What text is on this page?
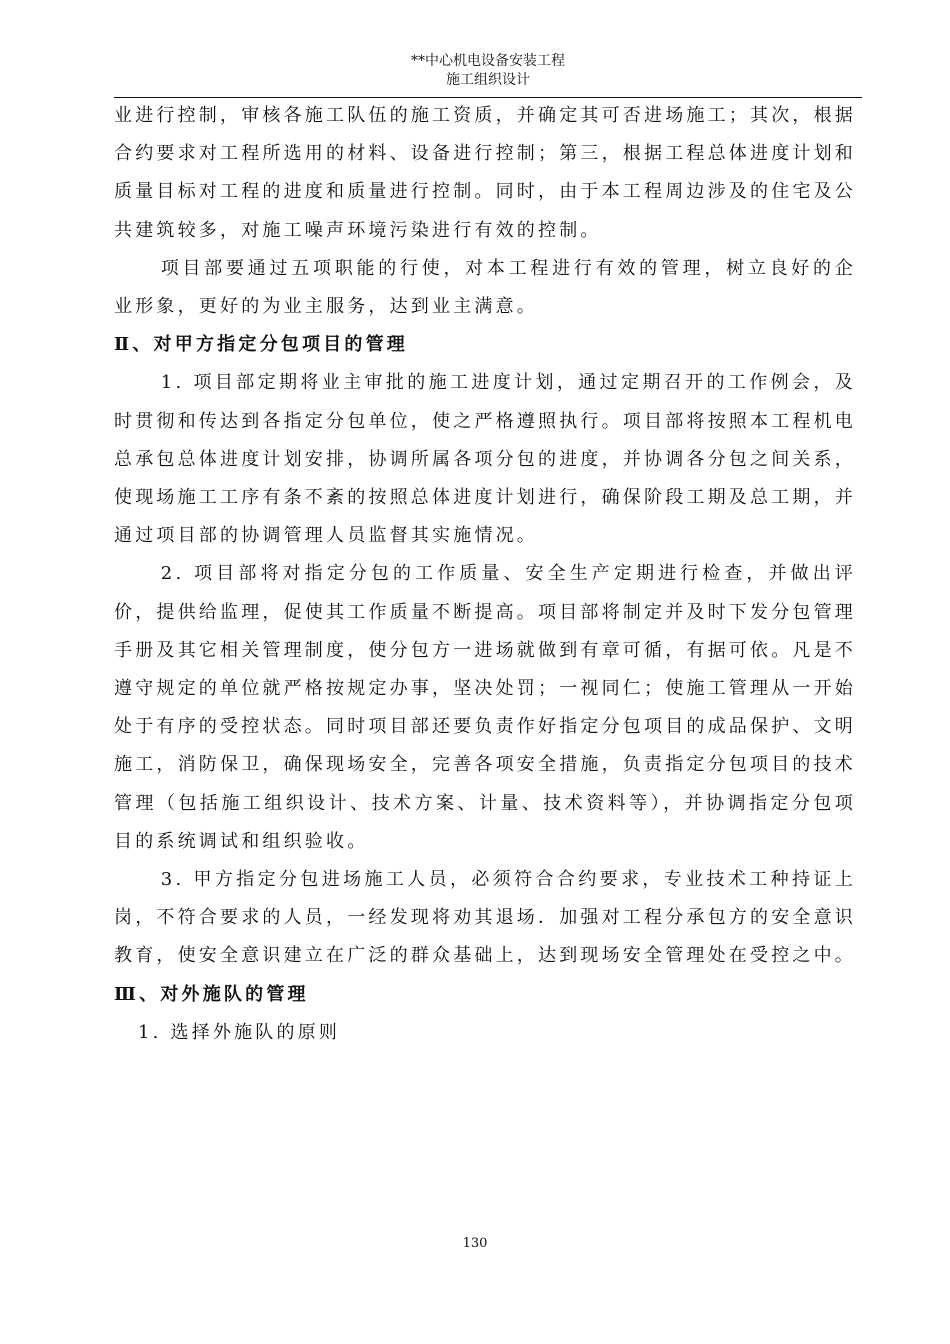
**中心机电设备安装工程
施工组织设计

业进行控制，审核各施工队伍的施工资质，并确定其可否进场施工；其次，根据合约要求对工程所选用的材料、设备进行控制；第三，根据工程总体进度计划和质量目标对工程的进度和质量进行控制。同时，由于本工程周边涉及的住宅及公共建筑较多，对施工噪声环境污染进行有效的控制。

项目部要通过五项职能的行使，对本工程进行有效的管理，树立良好的企业形象，更好的为业主服务，达到业主满意。

Ⅱ、对甲方指定分包项目的管理

1. 项目部定期将业主审批的施工进度计划，通过定期召开的工作例会，及时贯彻和传达到各指定分包单位，使之严格遵照执行。项目部将按照本工程机电总承包总体进度计划安排，协调所属各项分包的进度，并协调各分包之间关系，使现场施工工序有条不紊的按照总体进度计划进行，确保阶段工期及总工期，并通过项目部的协调管理人员监督其实施情况。

2. 项目部将对指定分包的工作质量、安全生产定期进行检查，并做出评价，提供给监理，促使其工作质量不断提高。项目部将制定并及时下发分包管理手册及其它相关管理制度，使分包方一进场就做到有章可循，有据可依。凡是不遵守规定的单位就严格按规定办事，坚决处罚；一视同仁；使施工管理从一开始处于有序的受控状态。同时项目部还要负责作好指定分包项目的成品保护、文明施工，消防保卫，确保现场安全，完善各项安全措施，负责指定分包项目的技术管理（包括施工组织设计、技术方案、计量、技术资料等），并协调指定分包项目的系统调试和组织验收。

3. 甲方指定分包进场施工人员，必须符合合约要求，专业技术工种持证上岗，不符合要求的人员，一经发现将劝其退场．加强对工程分承包方的安全意识教育，使安全意识建立在广泛的群众基础上，达到现场安全管理处在受控之中。

Ⅲ、对外施队的管理

1. 选择外施队的原则

130
